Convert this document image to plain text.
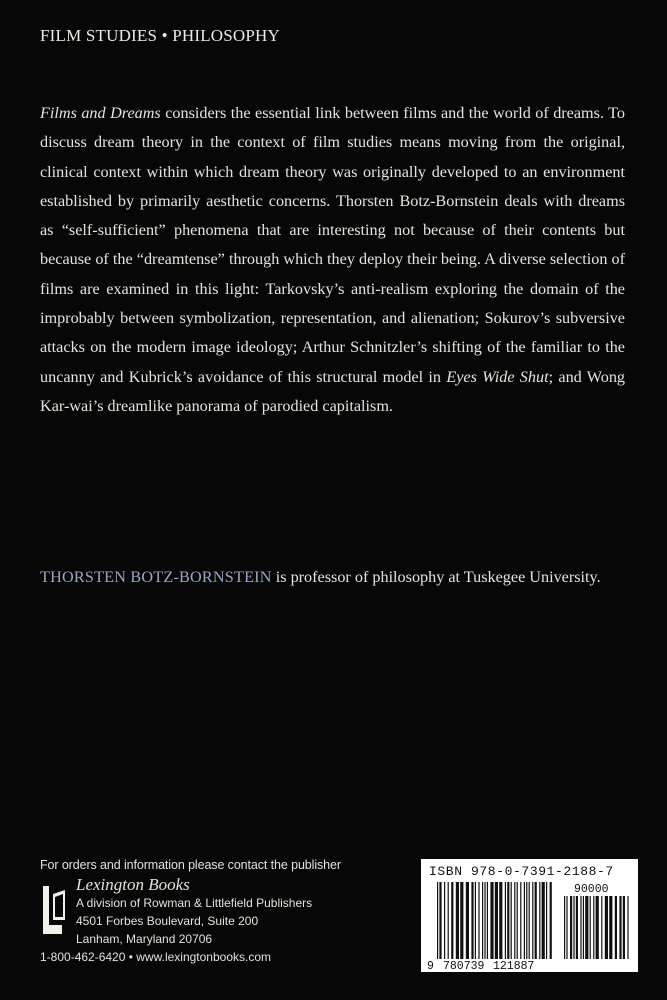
FILM STUDIES • PHILOSOPHY
Films and Dreams considers the essential link between films and the world of dreams. To discuss dream theory in the context of film studies means moving from the original, clinical context within which dream theory was originally developed to an environment established by primarily aesthetic concerns. Thorsten Botz-Bornstein deals with dreams as “self-sufficient” phenomena that are interesting not because of their contents but because of the “dreamtense” through which they deploy their being. A diverse selection of films are examined in this light: Tarkovsky’s anti-realism exploring the domain of the improbably between symbolization, representation, and alienation; Sokurov’s subversive attacks on the modern image ideology; Arthur Schnitzler’s shifting of the familiar to the uncanny and Kubrick’s avoidance of this structural model in Eyes Wide Shut; and Wong Kar-wai’s dreamlike panorama of parodied capitalism.
THORSTEN BOTZ-BORNSTEIN is professor of philosophy at Tuskegee University.
For orders and information please contact the publisher
Lexington Books
A division of Rowman & Littlefield Publishers
4501 Forbes Boulevard, Suite 200
Lanham, Maryland 20706
1-800-462-6420 • www.lexingtonbooks.com
ISBN 978-0-7391-2188-7
9 780739 121887
90000
